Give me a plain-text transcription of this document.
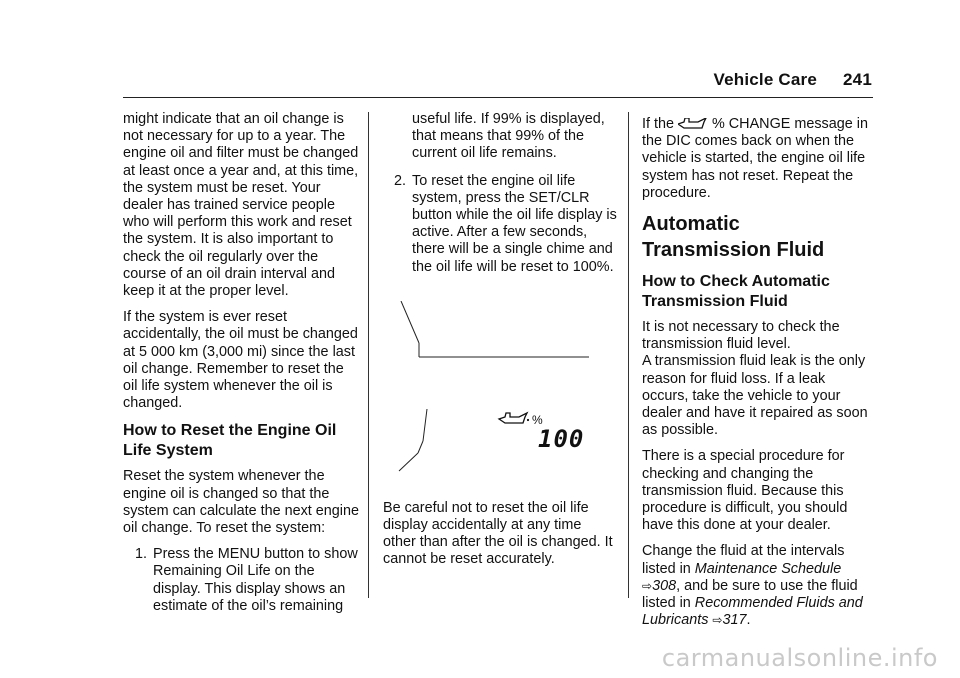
Vehicle Care 241

might indicate that an oil change is not necessary for up to a year. The engine oil and filter must be changed at least once a year and, at this time, the system must be reset. Your dealer has trained service people who will perform this work and reset the system. It is also important to check the oil regularly over the course of an oil drain interval and keep it at the proper level.

If the system is ever reset accidentally, the oil must be changed at 5 000 km (3,000 mi) since the last oil change. Remember to reset the oil life system whenever the oil is changed.

How to Reset the Engine Oil Life System

Reset the system whenever the engine oil is changed so that the system can calculate the next engine oil change. To reset the system:

1. Press the MENU button to show Remaining Oil Life on the display. This display shows an estimate of the oil’s remaining
useful life. If 99% is displayed, that means that 99% of the current oil life remains.
2. To reset the engine oil life system, press the SET/CLR button while the oil life display is active. After a few seconds, there will be a single chime and the oil life will be reset to 100%.
%
100

Be careful not to reset the oil life display accidentally at any time other than after the oil is changed. It cannot be reset accurately.

If the	% CHANGE message in the DIC comes back on when the vehicle is started, the engine oil life system has not reset. Repeat the procedure.

Automatic Transmission Fluid
How to Check Automatic Transmission Fluid

It is not necessary to check the transmission fluid level.

A transmission fluid leak is the only reason for fluid loss. If a leak occurs, take the vehicle to your dealer and have it repaired as soon as possible.

There is a special procedure for checking and changing the transmission fluid. Because this procedure is difficult, you should have this done at your dealer.

Change the fluid at the intervals listed in Maintenance Schedule ⇨308, and be sure to use the fluid listed in Recommended Fluids and Lubricants ⇨317.

carmanualsonline.info
